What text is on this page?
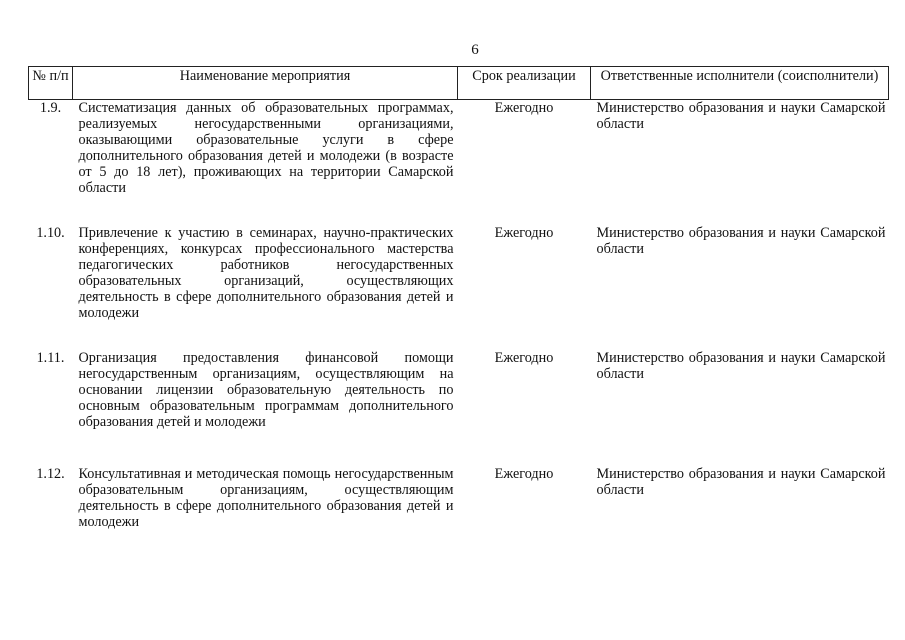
6
№ п/п	Наименование мероприятия	Срок реализации	Ответственные исполнители (соисполнители)
1.9.	Систематизация данных об образовательных программах, реализуемых негосударственными организациями, оказывающими образовательные услуги в сфере дополнительного образования детей и молодежи (в возрасте от 5 до 18 лет), проживающих на территории Самарской области	Ежегодно	Министерство образования и науки Самарской области
1.10.	Привлечение к участию в семинарах, научно-практических конференциях, конкурсах профессионального мастерства педагогических работников негосударственных образовательных организаций, осуществляющих деятельность в сфере дополнительного образования детей и молодежи	Ежегодно	Министерство образования и науки Самарской области
1.11.	Организация предоставления финансовой помощи негосударственным организациям, осуществляющим на основании лицензии образовательную деятельность по основным образовательным программам дополнительного образования детей и молодежи	Ежегодно	Министерство образования и науки Самарской области
1.12.	Консультативная и методическая помощь негосударственным образовательным организациям, осуществляющим деятельность в сфере дополнительного образования детей и молодежи	Ежегодно	Министерство образования и науки Самарской области
